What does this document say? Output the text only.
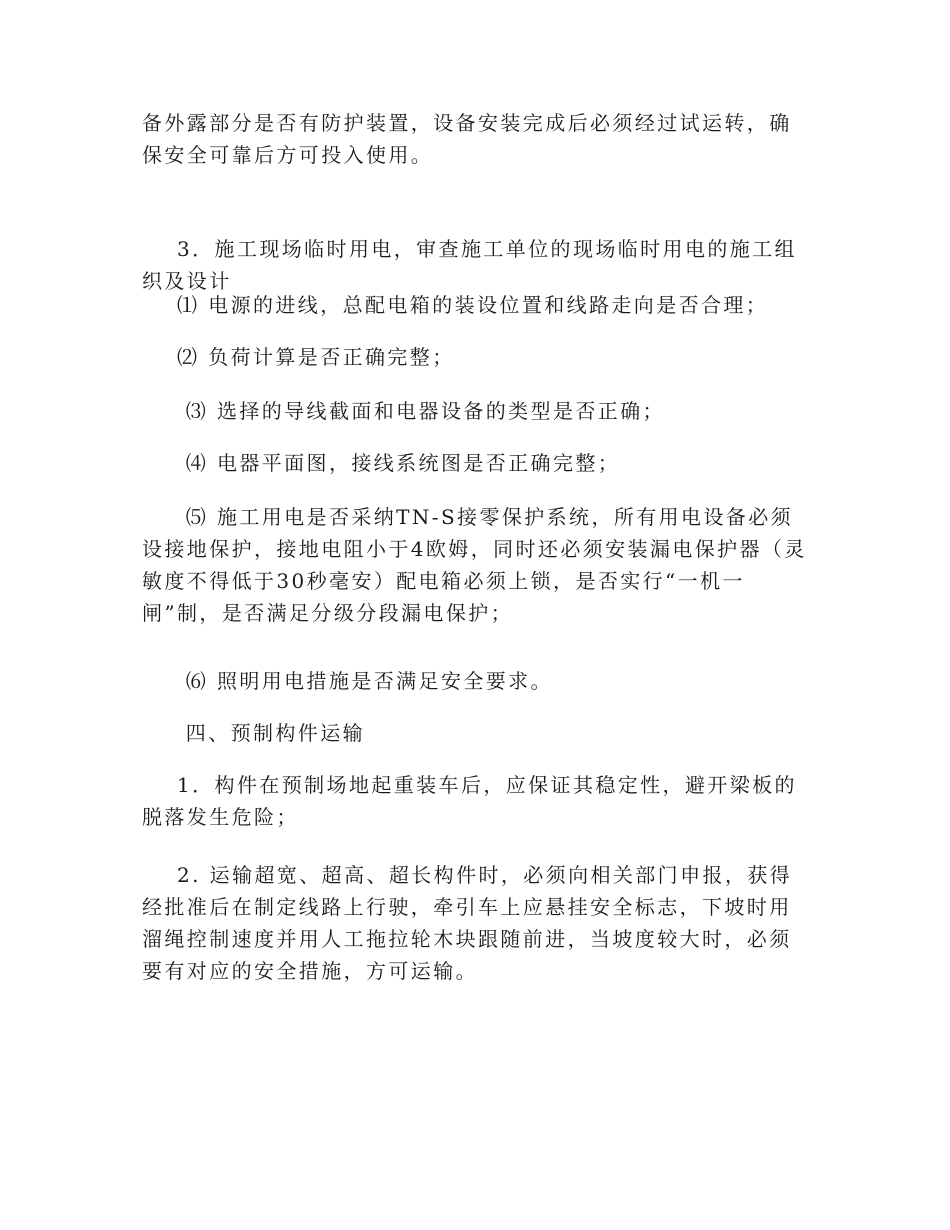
备外露部分是否有防护装置，设备安装完成后必须经过试运转，确保安全可靠后方可投入使用。

3．施工现场临时用电，审查施工单位的现场临时用电的施工组织及设计

⑴ 电源的进线，总配电箱的装设位置和线路走向是否合理；

⑵ 负荷计算是否正确完整；

⑶ 选择的导线截面和电器设备的类型是否正确；

⑷ 电器平面图，接线系统图是否正确完整；

⑸ 施工用电是否采纳TN-S接零保护系统，所有用电设备必须设接地保护，接地电阻小于4欧姆，同时还必须安装漏电保护器（灵敏度不得低于30秒毫安）配电箱必须上锁，是否实行“一机一闸”制，是否满足分级分段漏电保护；

⑹ 照明用电措施是否满足安全要求。

四、预制构件运输

1．构件在预制场地起重装车后，应保证其稳定性，避开梁板的脱落发生危险；

2. 运输超宽、超高、超长构件时，必须向相关部门申报，获得经批准后在制定线路上行驶，牵引车上应悬挂安全标志，下坡时用溜绳控制速度并用人工拖拉轮木块跟随前进，当坡度较大时，必须要有对应的安全措施，方可运输。
